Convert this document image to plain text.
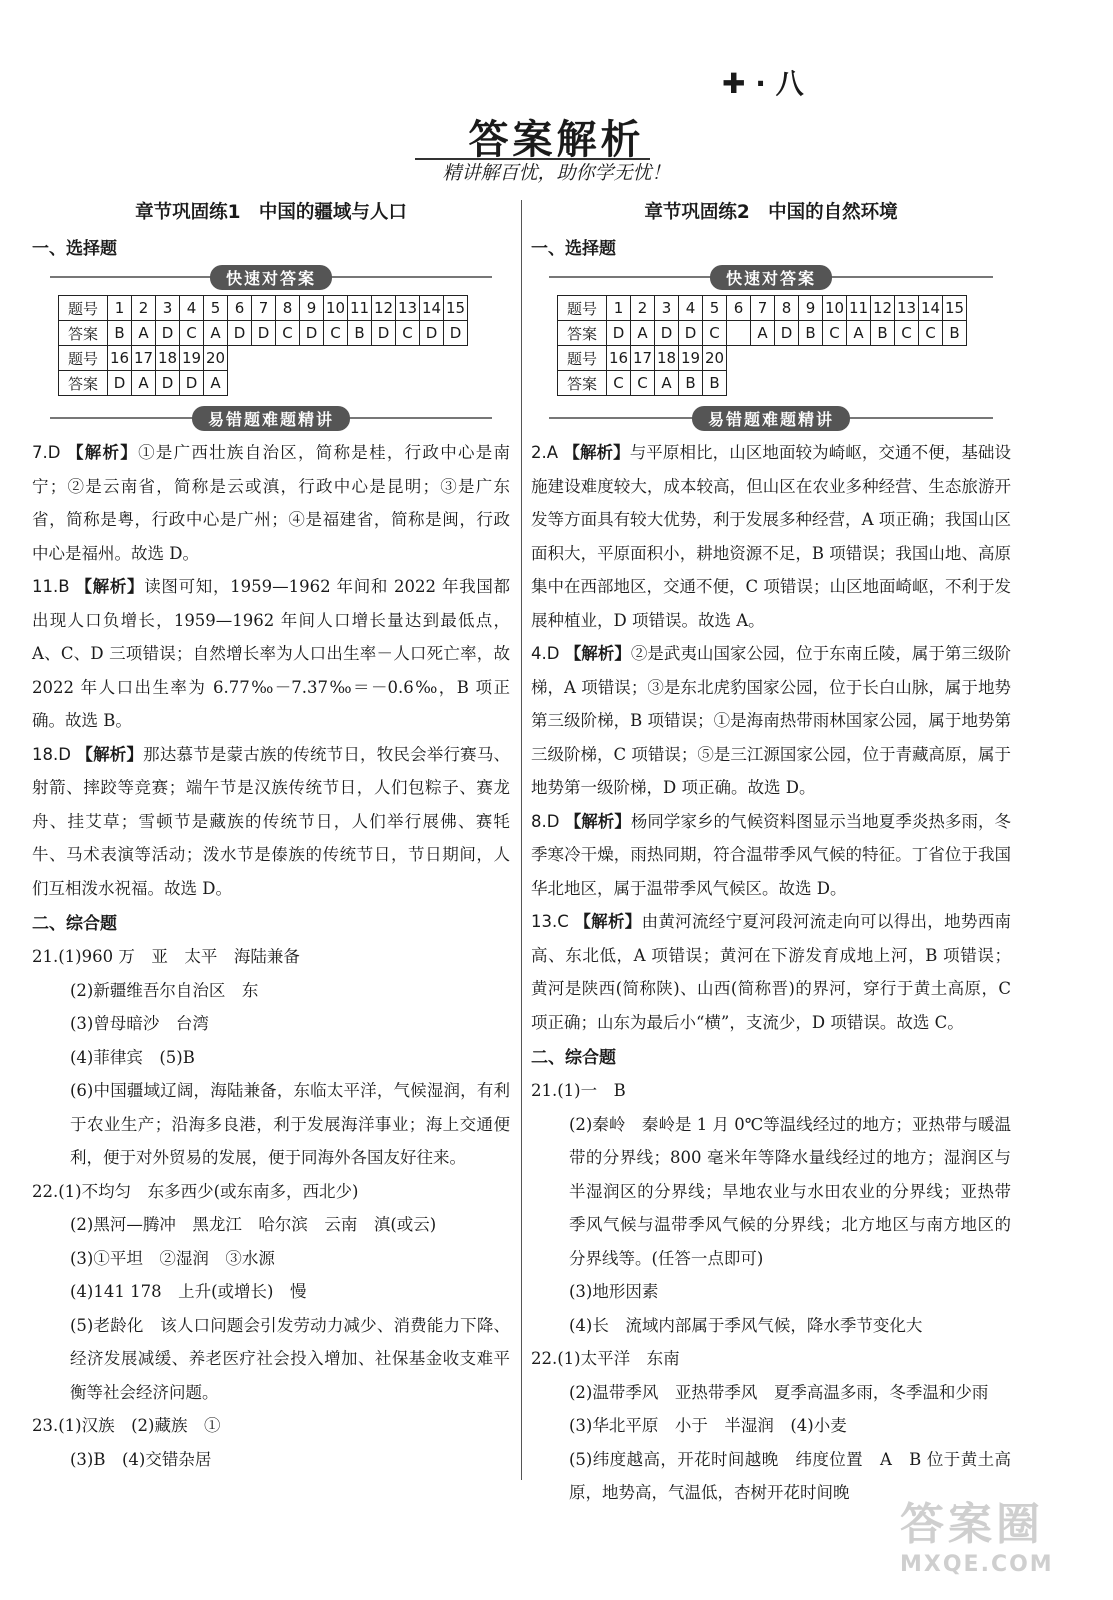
✚ · 八
答案解析
精讲解百忧，助你学无忧！
章节巩固练1　中国的疆域与人口
一、选择题
快速对答案
题号	1	2	3	4	5	6	7	8	9	10	11	12	13	14	15
答案	B	A	D	C	A	D	D	C	D	C	B	D	C	D	D
题号	16	17	18	19	20
答案	D	A	D	D	A
易错题难题精讲

7.D 【解析】①是广西壮族自治区，简称是桂，行政中心是南宁；②是云南省，简称是云或滇，行政中心是昆明；③是广东省，简称是粤，行政中心是广州；④是福建省，简称是闽，行政中心是福州。故选 D。

11.B 【解析】读图可知，1959—1962 年间和 2022 年我国都出现人口负增长，1959—1962 年间人口增长量达到最低点，A、C、D 三项错误；自然增长率为人口出生率－人口死亡率，故 2022 年人口出生率为 6.77‰－7.37‰＝－0.6‰，B 项正确。故选 B。

18.D 【解析】那达慕节是蒙古族的传统节日，牧民会举行赛马、射箭、摔跤等竞赛；端午节是汉族传统节日，人们包粽子、赛龙舟、挂艾草；雪顿节是藏族的传统节日，人们举行展佛、赛牦牛、马术表演等活动；泼水节是傣族的传统节日，节日期间，人们互相泼水祝福。故选 D。

二、综合题

21.(1)960 万　亚　太平　海陆兼备

(2)新疆维吾尔自治区　东

(3)曾母暗沙　台湾

(4)菲律宾　(5)B

(6)中国疆域辽阔，海陆兼备，东临太平洋，气候湿润，有利于农业生产；沿海多良港，利于发展海洋事业；海上交通便利，便于对外贸易的发展，便于同海外各国友好往来。

22.(1)不均匀　东多西少(或东南多，西北少)

(2)黑河—腾冲　黑龙江　哈尔滨　云南　滇(或云)

(3)①平坦　②湿润　③水源

(4)141 178　上升(或增长)　慢

(5)老龄化　该人口问题会引发劳动力减少、消费能力下降、经济发展减缓、养老医疗社会投入增加、社保基金收支难平衡等社会经济问题。

23.(1)汉族　(2)藏族　①

(3)B　(4)交错杂居

章节巩固练2　中国的自然环境
一、选择题
快速对答案
题号	1	2	3	4	5	6	7	8	9	10	11	12	13	14	15
答案	D	A	D	D	C		A	D	B	C	A	B	C	C	B
题号	16	17	18	19	20
答案	C	C	A	B	B
易错题难题精讲

2.A 【解析】与平原相比，山区地面较为崎岖，交通不便，基础设施建设难度较大，成本较高，但山区在农业多种经营、生态旅游开发等方面具有较大优势，利于发展多种经营，A 项正确；我国山区面积大，平原面积小，耕地资源不足，B 项错误；我国山地、高原集中在西部地区，交通不便，C 项错误；山区地面崎岖，不利于发展种植业，D 项错误。故选 A。

4.D 【解析】②是武夷山国家公园，位于东南丘陵，属于第三级阶梯，A 项错误；③是东北虎豹国家公园，位于长白山脉，属于地势第三级阶梯，B 项错误；①是海南热带雨林国家公园，属于地势第三级阶梯，C 项错误；⑤是三江源国家公园，位于青藏高原，属于地势第一级阶梯，D 项正确。故选 D。

8.D 【解析】杨同学家乡的气候资料图显示当地夏季炎热多雨，冬季寒冷干燥，雨热同期，符合温带季风气候的特征。丁省位于我国华北地区，属于温带季风气候区。故选 D。

13.C 【解析】由黄河流经宁夏河段河流走向可以得出，地势西南高、东北低，A 项错误；黄河在下游发育成地上河，B 项错误；黄河是陕西(简称陕)、山西(简称晋)的界河，穿行于黄土高原，C 项正确；山东为最后小“横”，支流少，D 项错误。故选 C。

二、综合题

21.(1)一　B

(2)秦岭　秦岭是 1 月 0℃等温线经过的地方；亚热带与暖温带的分界线；800 毫米年等降水量线经过的地方；湿润区与半湿润区的分界线；旱地农业与水田农业的分界线；亚热带季风气候与温带季风气候的分界线；北方地区与南方地区的分界线等。(任答一点即可)

(3)地形因素

(4)长　流域内部属于季风气候，降水季节变化大

22.(1)太平洋　东南

(2)温带季风　亚热带季风　夏季高温多雨，冬季温和少雨

(3)华北平原　小于　半湿润　(4)小麦

(5)纬度越高，开花时间越晚　纬度位置　A　B 位于黄土高原，地势高，气温低，杏树开花时间晚

答案圈
MXQE.COM
